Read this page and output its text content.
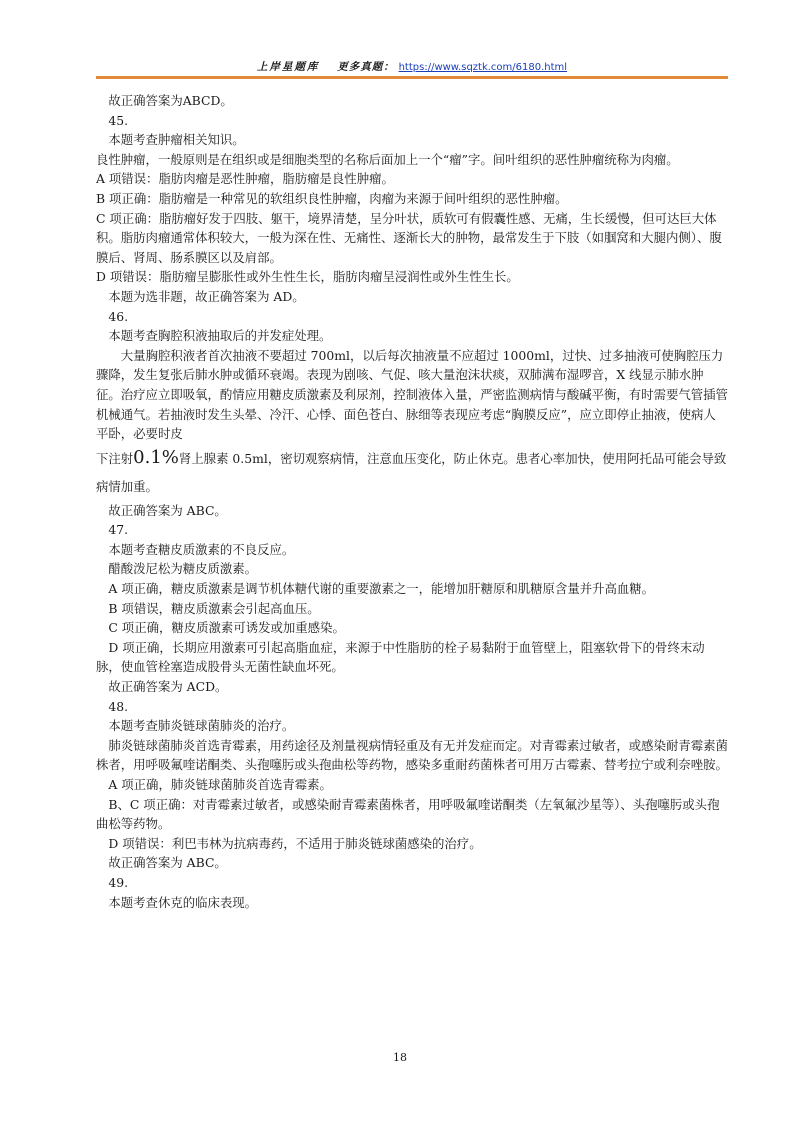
上岸星题库 更多真题： https://www.sqztk.com/6180.html

故正确答案为ABCD。

45.

本题考查肿瘤相关知识。

良性肿瘤，一般原则是在组织或是细胞类型的名称后面加上一个“瘤”字。间叶组织的恶性肿瘤统称为肉瘤。

A 项错误：脂肪肉瘤是恶性肿瘤，脂肪瘤是良性肿瘤。

B 项正确：脂肪瘤是一种常见的软组织良性肿瘤，肉瘤为来源于间叶组织的恶性肿瘤。

C 项正确：脂肪瘤好发于四肢、躯干，境界清楚，呈分叶状，质软可有假囊性感、无痛，生长缓慢，但可达巨大体积。脂肪肉瘤通常体积较大，一般为深在性、无痛性、逐渐长大的肿物，最常发生于下肢（如腘窝和大腿内侧）、腹膜后、肾周、肠系膜区以及肩部。

D 项错误：脂肪瘤呈膨胀性或外生性生长，脂肪肉瘤呈浸润性或外生性生长。

本题为选非题，故正确答案为 AD。

46.

本题考查胸腔积液抽取后的并发症处理。

大量胸腔积液者首次抽液不要超过 700ml，以后每次抽液量不应超过 1000ml，过快、过多抽液可使胸腔压力骤降，发生复张后肺水肿或循环衰竭。表现为剧咳、气促、咳大量泡沫状痰，双肺满布湿啰音，X 线显示肺水肿征。治疗应立即吸氧，酌情应用糖皮质激素及利尿剂，控制液体入量，严密监测病情与酸碱平衡，有时需要气管插管机械通气。若抽液时发生头晕、冷汗、心悸、面色苍白、脉细等表现应考虑“胸膜反应”，应立即停止抽液，使病人平卧，必要时皮

下注射0.1%肾上腺素 0.5ml，密切观察病情，注意血压变化，防止休克。患者心率加快，使用阿托品可能会导致病情加重。

故正确答案为 ABC。

47.

本题考查糖皮质激素的不良反应。

醋酸泼尼松为糖皮质激素。

A 项正确，糖皮质激素是调节机体糖代谢的重要激素之一，能增加肝糖原和肌糖原含量并升高血糖。

B 项错误，糖皮质激素会引起高血压。

C 项正确，糖皮质激素可诱发或加重感染。

D 项正确，长期应用激素可引起高脂血症，来源于中性脂肪的栓子易黏附于血管壁上，阻塞软骨下的骨终末动脉，使血管栓塞造成股骨头无菌性缺血坏死。

故正确答案为 ACD。

48.

本题考查肺炎链球菌肺炎的治疗。

肺炎链球菌肺炎首选青霉素，用药途径及剂量视病情轻重及有无并发症而定。对青霉素过敏者，或感染耐青霉素菌株者，用呼吸氟喹诺酮类、头孢噻肟或头孢曲松等药物，感染多重耐药菌株者可用万古霉素、替考拉宁或利奈唑胺。

A 项正确，肺炎链球菌肺炎首选青霉素。

B、C 项正确：对青霉素过敏者，或感染耐青霉素菌株者，用呼吸氟喹诺酮类（左氧氟沙星等）、头孢噻肟或头孢曲松等药物。

D 项错误：利巴韦林为抗病毒药，不适用于肺炎链球菌感染的治疗。

故正确答案为 ABC。

49.

本题考查休克的临床表现。

18
